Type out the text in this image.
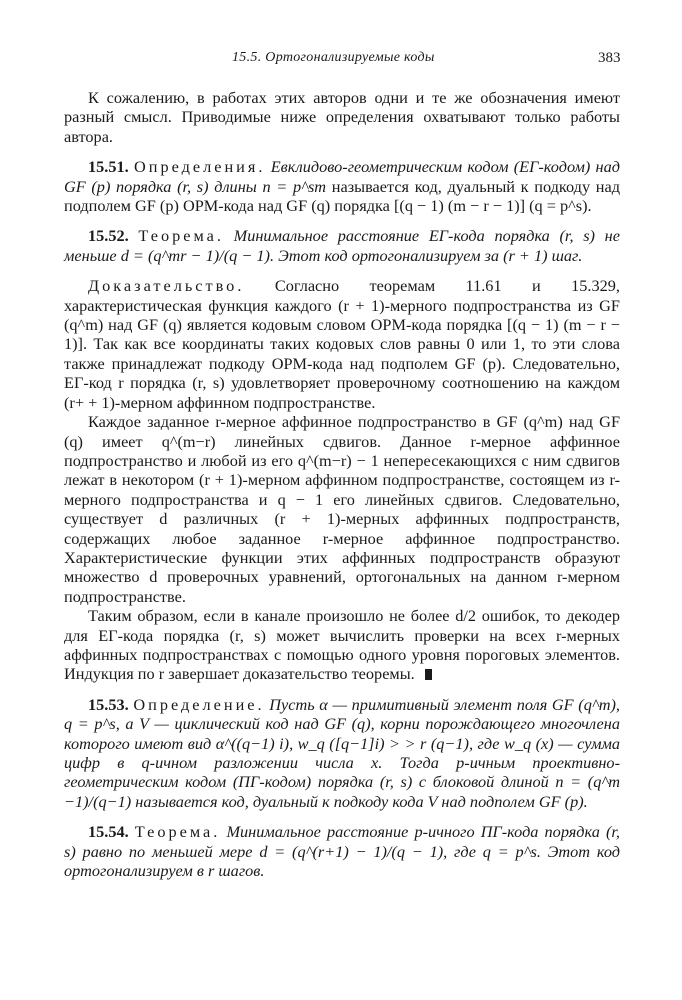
15.5. Ортогонализируемые коды	383

К сожалению, в работах этих авторов одни и те же обозначения имеют разный смысл. Приводимые ниже определения охватывают только работы автора.

15.51. Определения. Евклидово-геометрическим кодом (ЕГ-кодом) над GF (p) порядка (r, s) длины n = p^sm называется код, дуальный к подкоду над подполем GF (p) ОРМ-кода над GF (q) порядка [(q − 1) (m − r − 1)] (q = p^s).

15.52. Теорема. Минимальное расстояние ЕГ-кода порядка (r, s) не меньше d = (q^mr − 1)/(q − 1). Этот код ортогонализируем за (r + 1) шаг.

Доказательство. Согласно теоремам 11.61 и 15.329, характеристическая функция каждого (r + 1)-мерного подпространства из GF (q^m) над GF (q) является кодовым словом ОРМ-кода порядка [(q − 1) (m − r − 1)]. Так как все координаты таких кодовых слов равны 0 или 1, то эти слова также принадлежат подкоду ОРМ-кода над подполем GF (p). Следовательно, ЕГ-код r порядка (r, s) удовлетворяет проверочному соотношению на каждом (r+ + 1)-мерном аффинном подпространстве.

Каждое заданное r-мерное аффинное подпространство в GF (q^m) над GF (q) имеет q^(m−r) линейных сдвигов. Данное r-мерное аффинное подпространство и любой из его q^(m−r) − 1 непересекающихся с ним сдвигов лежат в некотором (r + 1)-мерном аффинном подпространстве, состоящем из r-мерного подпространства и q − 1 его линейных сдвигов. Следовательно, существует d различных (r + 1)-мерных аффинных подпространств, содержащих любое заданное r-мерное аффинное подпространство. Характеристические функции этих аффинных подпространств образуют множество d проверочных уравнений, ортогональных на данном r-мерном подпространстве.

Таким образом, если в канале произошло не более d/2 ошибок, то декодер для ЕГ-кода порядка (r, s) может вычислить проверки на всех r-мерных аффинных подпространствах с помощью одного уровня пороговых элементов. Индукция по r завершает доказательство теоремы.

15.53. Определение. Пусть α — примитивный элемент поля GF (q^m), q = p^s, а V — циклический код над GF (q), корни порождающего многочлена которого имеют вид α^((q−1) i), w_q ([q−1]i) > > r (q−1), где w_q (x) — сумма цифр в q-ичном разложении числа x. Тогда p-ичным проективно-геометрическим кодом (ПГ-кодом) порядка (r, s) с блоковой длиной n = (q^m −1)/(q−1) называется код, дуальный к подкоду кода V над подполем GF (p).

15.54. Теорема. Минимальное расстояние p-ичного ПГ-кода порядка (r, s) равно по меньшей мере d = (q^(r+1) − 1)/(q − 1), где q = p^s. Этот код ортогонализируем в r шагов.
